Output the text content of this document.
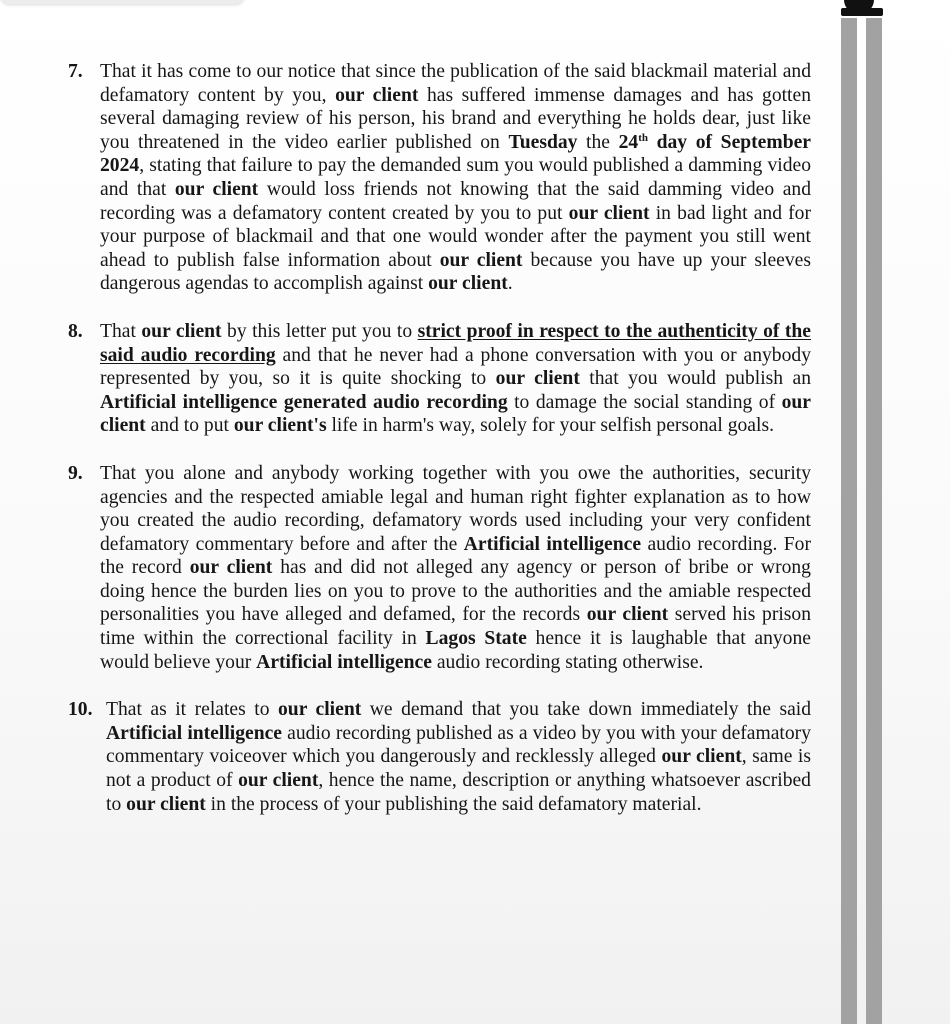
7. That it has come to our notice that since the publication of the said blackmail material and defamatory content by you, our client has suffered immense damages and has gotten several damaging review of his person, his brand and everything he holds dear, just like you threatened in the video earlier published on Tuesday the 24th day of September 2024, stating that failure to pay the demanded sum you would published a damming video and that our client would loss friends not knowing that the said damming video and recording was a defamatory content created by you to put our client in bad light and for your purpose of blackmail and that one would wonder after the payment you still went ahead to publish false information about our client because you have up your sleeves dangerous agendas to accomplish against our client.
8. That our client by this letter put you to strict proof in respect to the authenticity of the said audio recording and that he never had a phone conversation with you or anybody represented by you, so it is quite shocking to our client that you would publish an Artificial intelligence generated audio recording to damage the social standing of our client and to put our client's life in harm's way, solely for your selfish personal goals.
9. That you alone and anybody working together with you owe the authorities, security agencies and the respected amiable legal and human right fighter explanation as to how you created the audio recording, defamatory words used including your very confident defamatory commentary before and after the Artificial intelligence audio recording. For the record our client has and did not alleged any agency or person of bribe or wrong doing hence the burden lies on you to prove to the authorities and the amiable respected personalities you have alleged and defamed, for the records our client served his prison time within the correctional facility in Lagos State hence it is laughable that anyone would believe your Artificial intelligence audio recording stating otherwise.
10. That as it relates to our client we demand that you take down immediately the said Artificial intelligence audio recording published as a video by you with your defamatory commentary voiceover which you dangerously and recklessly alleged our client, same is not a product of our client, hence the name, description or anything whatsoever ascribed to our client in the process of your publishing the said defamatory material.
